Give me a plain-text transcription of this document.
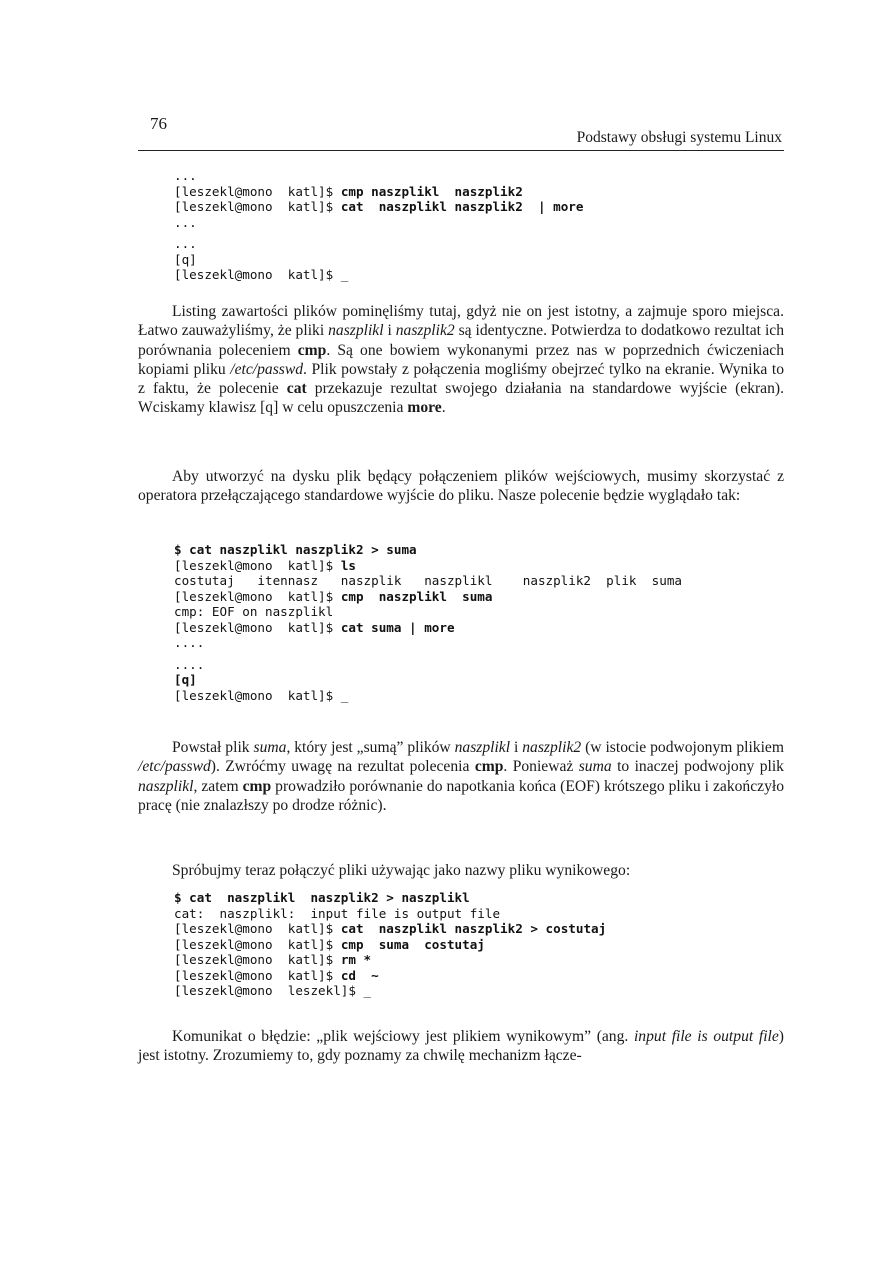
76
Podstawy obsługi systemu Linux
...
[leszekl@mono  katl]$ cmp naszplikl  naszplik2
[leszekl@mono  katl]$ cat  naszplikl naszplik2  | more
...
...
[q]
[leszekl@mono  katl]$ _
Listing zawartości plików pominęliśmy tutaj, gdyż nie on jest istotny, a zajmuje sporo miejsca. Łatwo zauważyliśmy, że pliki naszplikl i naszplik2 są identyczne. Potwierdza to dodatkowo rezultat ich porównania poleceniem cmp. Są one bowiem wykonanymi przez nas w poprzednich ćwiczeniach kopiami pliku /etc/passwd. Plik powstały z połączenia mogliśmy obejrzeć tylko na ekranie. Wynika to z faktu, że polecenie cat przekazuje rezultat swojego działania na standardowe wyjście (ekran). Wciskamy klawisz [q] w celu opuszczenia more.
Aby utworzyć na dysku plik będący połączeniem plików wejściowych, musimy skorzystać z operatora przełączającego standardowe wyjście do pliku. Nasze polecenie będzie wyglądało tak:
$ cat naszplikl naszplik2 > suma
[leszekl@mono  katl]$ ls
costutaj   itennasz   naszplik   naszplikl    naszplik2  plik  suma
[leszekl@mono  katl]$ cmp  naszplikl  suma
cmp: EOF on naszplikl
[leszekl@mono  katl]$ cat suma | more
....
....
[q]
[leszekl@mono  katl]$ _
Powstał plik suma, który jest „sumą” plików naszplikl i naszplik2 (w istocie podwojonym plikiem /etc/passwd). Zwróćmy uwagę na rezultat polecenia cmp. Ponieważ suma to inaczej podwojony plik naszplikl, zatem cmp prowadziło porównanie do napotkania końca (EOF) krótszego pliku i zakończyło pracę (nie znalazłszy po drodze różnic).
Spróbujmy teraz połączyć pliki używając jako nazwy pliku wynikowego:
$ cat  naszplikl  naszplik2 > naszplikl
cat:  naszplikl:  input file is output file
[leszekl@mono  katl]$ cat  naszplikl naszplik2 > costutaj
[leszekl@mono  katl]$ cmp  suma  costutaj
[leszekl@mono  katl]$ rm *
[leszekl@mono  katl]$ cd  ~
[leszekl@mono  leszekl]$ _
Komunikat o błędzie: „plik wejściowy jest plikiem wynikowym” (ang. input file is output file) jest istotny. Zrozumiemy to, gdy poznamy za chwilę mechanizm łącze-
